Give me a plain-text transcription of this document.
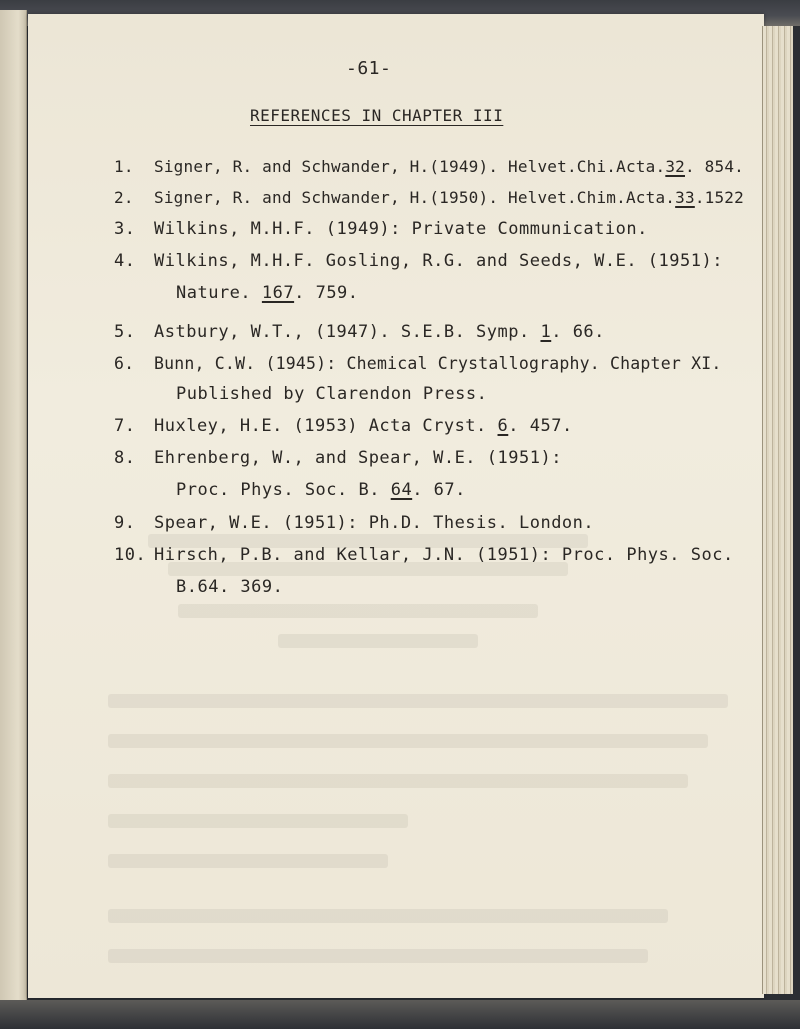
-61-
REFERENCES IN CHAPTER III
1. Signer, R. and Schwander, H.(1949). Helvet.Chi.Acta.32. 854.
2. Signer, R. and Schwander, H.(1950). Helvet.Chim.Acta.33.1522
3. Wilkins, M.H.F. (1949): Private Communication.
4. Wilkins, M.H.F. Gosling, R.G. and Seeds, W.E. (1951):
Nature. 167. 759.
5. Astbury, W.T., (1947). S.E.B. Symp. 1. 66.
6. Bunn, C.W. (1945): Chemical Crystallography. Chapter XI.
Published by Clarendon Press.
7. Huxley, H.E. (1953) Acta Cryst. 6. 457.
8. Ehrenberg, W., and Spear, W.E. (1951):
Proc. Phys. Soc. B. 64. 67.
9. Spear, W.E. (1951): Ph.D. Thesis. London.
10. Hirsch, P.B. and Kellar, J.N. (1951): Proc. Phys. Soc.
B.64. 369.
